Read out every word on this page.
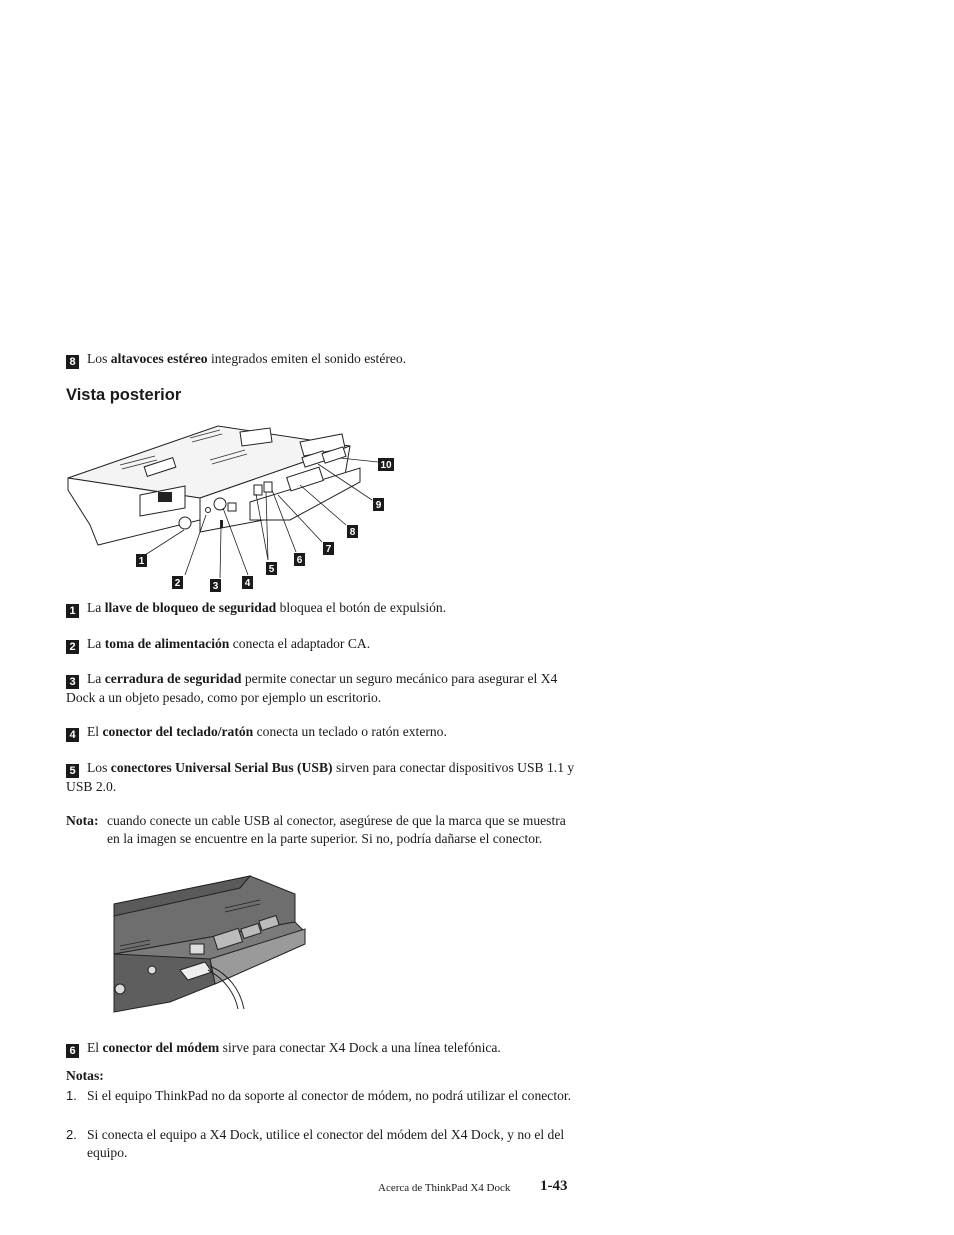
8 Los altavoces estéreo integrados emiten el sonido estéreo.
Vista posterior
1
2	3	4
5
6
7
8
9
10
1 La llave de bloqueo de seguridad bloquea el botón de expulsión.
2 La toma de alimentación conecta el adaptador CA.
3 La cerradura de seguridad permite conectar un seguro mecánico para asegurar el X4 Dock a un objeto pesado, como por ejemplo un escritorio.
4 El conector del teclado/ratón conecta un teclado o ratón externo.
5 Los conectores Universal Serial Bus (USB) sirven para conectar dispositivos USB 1.1 y USB 2.0.
Nota: cuando conecte un cable USB al conector, asegúrese de que la marca que se muestra en la imagen se encuentre en la parte superior. Si no, podría dañarse el conector.
6 El conector del módem sirve para conectar X4 Dock a una línea telefónica.
Notas:
1. Si el equipo ThinkPad no da soporte al conector de módem, no podrá utilizar el conector.
2. Si conecta el equipo a X4 Dock, utilice el conector del módem del X4 Dock, y no el del equipo.
Acerca de ThinkPad X4 Dock 1-43
